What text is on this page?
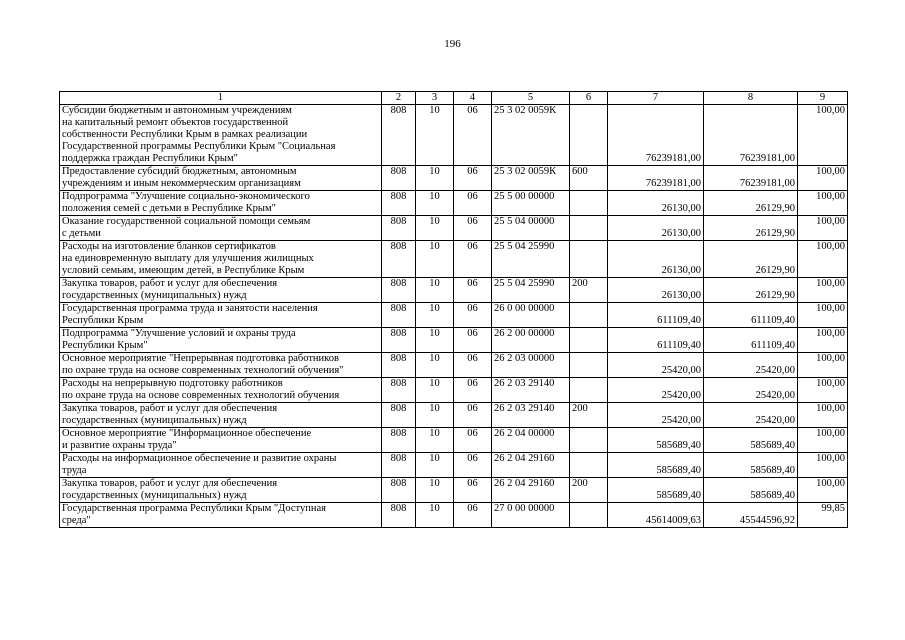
196
1	2	3	4	5	6	7	8	9

Субсидии бюджетным и автономным учреждениям
на капитальный ремонт объектов государственной
собственности Республики Крым в рамках реализации
Государственной программы Республики Крым "Социальная
поддержка граждан Республики Крым"	808	10	06	25 3 02 0059К		76239181,00	76239181,00	100,00

Предоставление субсидий бюджетным, автономным
учреждениям и иным некоммерческим организациям	808	10	06	25 3 02 0059К	600	76239181,00	76239181,00	100,00

Подпрограмма "Улучшение социально-экономического
положения семей с детьми в Республике Крым"	808	10	06	25 5 00 00000		26130,00	26129,90	100,00

Оказание государственной социальной помощи семьям
с детьми	808	10	06	25 5 04 00000		26130,00	26129,90	100,00

Расходы на изготовление бланков сертификатов
на единовременную выплату для улучшения жилищных
условий семьям, имеющим детей, в Республике Крым	808	10	06	25 5 04 25990		26130,00	26129,90	100,00

Закупка товаров, работ и услуг для обеспечения
государственных (муниципальных) нужд	808	10	06	25 5 04 25990	200	26130,00	26129,90	100,00

Государственная программа труда и занятости населения
Республики Крым	808	10	06	26 0 00 00000		611109,40	611109,40	100,00

Подпрограмма "Улучшение условий и охраны труда
Республики Крым"	808	10	06	26 2 00 00000		611109,40	611109,40	100,00

Основное мероприятие "Непрерывная подготовка работников
по охране труда на основе современных технологий обучения"	808	10	06	26 2 03 00000		25420,00	25420,00	100,00

Расходы на непрерывную подготовку работников
по охране труда на основе современных технологий обучения	808	10	06	26 2 03 29140		25420,00	25420,00	100,00

Закупка товаров, работ и услуг для обеспечения
государственных (муниципальных) нужд	808	10	06	26 2 03 29140	200	25420,00	25420,00	100,00

Основное мероприятие "Информационное обеспечение
и развитие охраны труда"	808	10	06	26 2 04 00000		585689,40	585689,40	100,00

Расходы на информационное обеспечение и развитие охраны
труда	808	10	06	26 2 04 29160		585689,40	585689,40	100,00

Закупка товаров, работ и услуг для обеспечения
государственных (муниципальных) нужд	808	10	06	26 2 04 29160	200	585689,40	585689,40	100,00

Государственная программа Республики Крым "Доступная
среда"	808	10	06	27 0 00 00000		45614009,63	45544596,92	99,85
